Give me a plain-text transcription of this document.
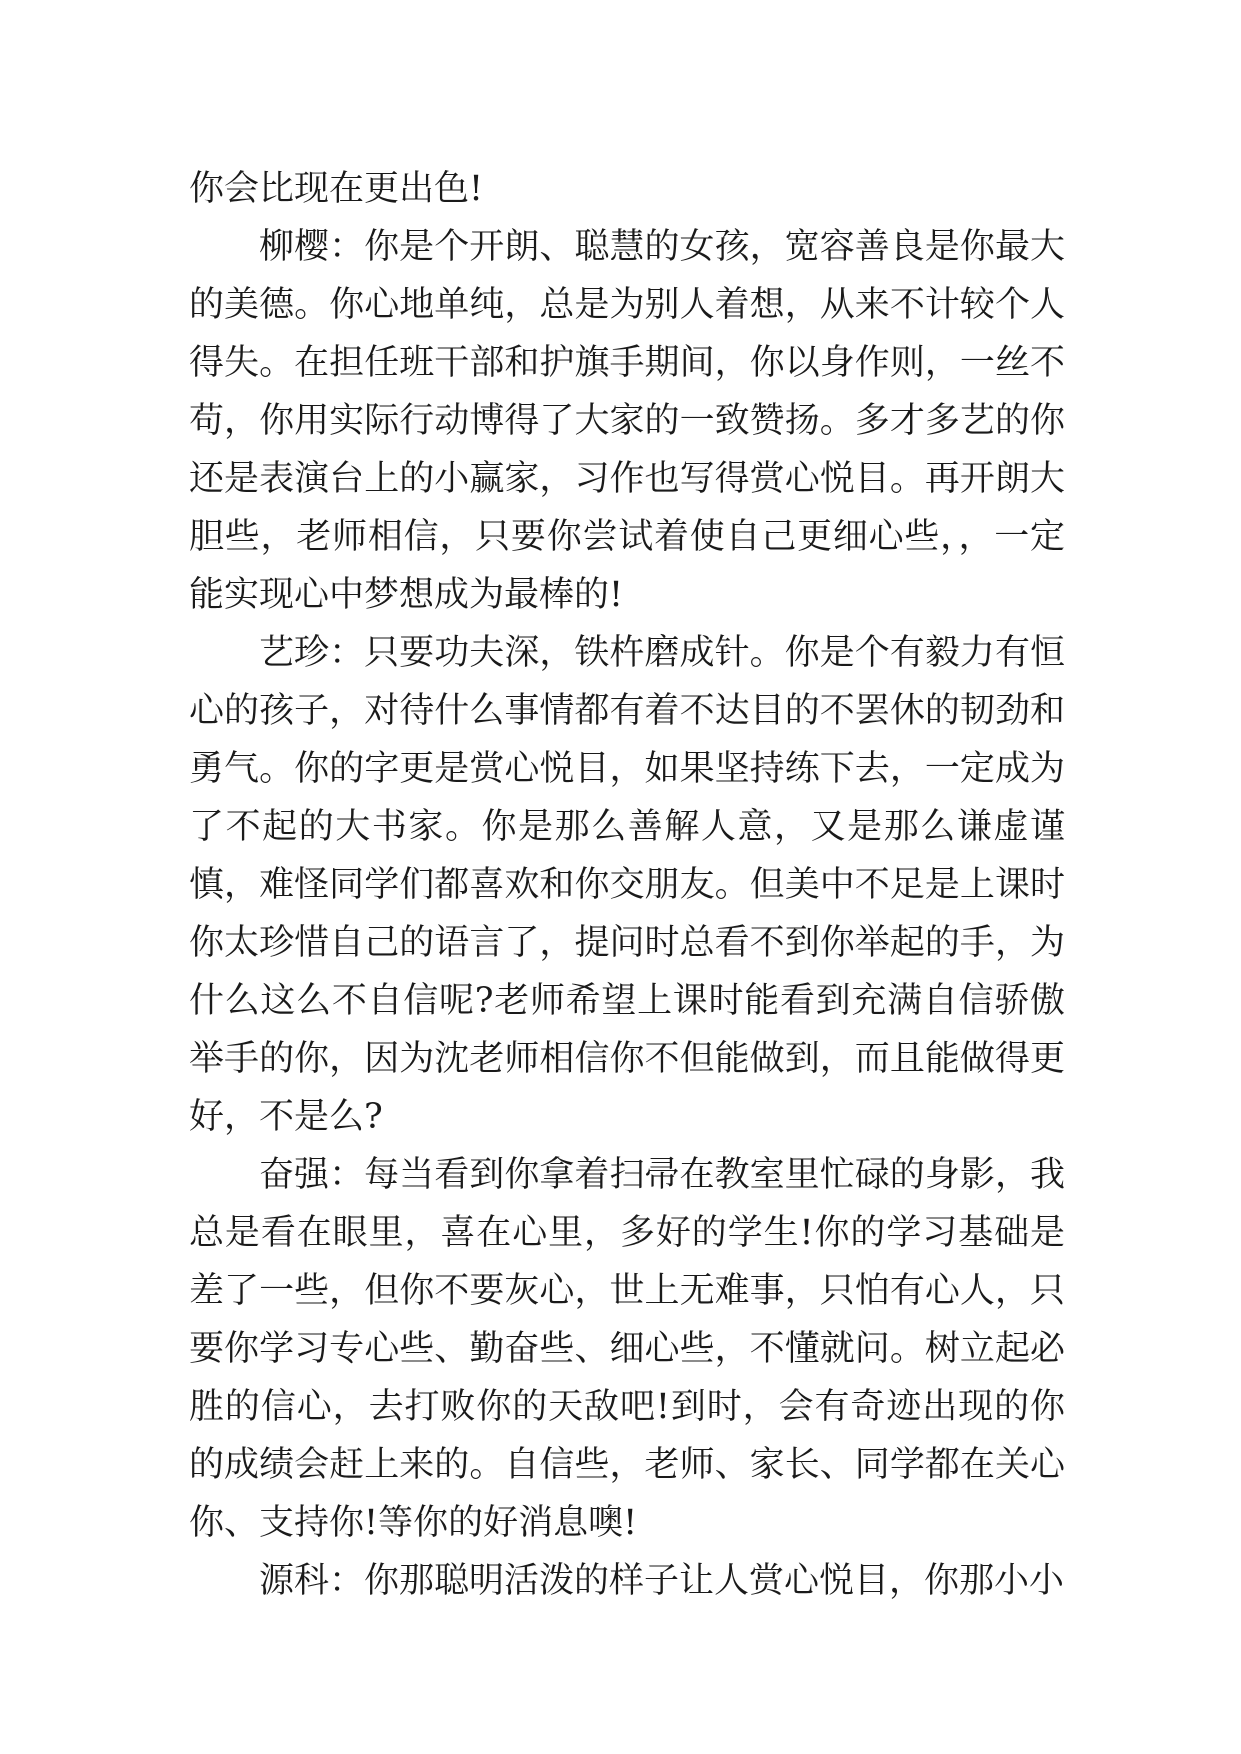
你会比现在更出色!

柳樱：你是个开朗、聪慧的女孩，宽容善良是你最大的美德。你心地单纯，总是为别人着想，从来不计较个人得失。在担任班干部和护旗手期间，你以身作则，一丝不苟，你用实际行动博得了大家的一致赞扬。多才多艺的你还是表演台上的小赢家，习作也写得赏心悦目。再开朗大胆些，老师相信，只要你尝试着使自己更细心些，，一定能实现心中梦想成为最棒的!

艺珍：只要功夫深，铁杵磨成针。你是个有毅力有恒心的孩子，对待什么事情都有着不达目的不罢休的韧劲和勇气。你的字更是赏心悦目，如果坚持练下去，一定成为了不起的大书家。你是那么善解人意，又是那么谦虚谨慎，难怪同学们都喜欢和你交朋友。但美中不足是上课时你太珍惜自己的语言了，提问时总看不到你举起的手，为什么这么不自信呢?老师希望上课时能看到充满自信骄傲举手的你，因为沈老师相信你不但能做到，而且能做得更好，不是么?

奋强：每当看到你拿着扫帚在教室里忙碌的身影，我总是看在眼里，喜在心里，多好的学生!你的学习基础是差了一些，但你不要灰心，世上无难事，只怕有心人，只要你学习专心些、勤奋些、细心些，不懂就问。树立起必胜的信心，去打败你的天敌吧!到时，会有奇迹出现的你的成绩会赶上来的。自信些，老师、家长、同学都在关心你、支持你!等你的好消息噢!

源科：你那聪明活泼的样子让人赏心悦目，你那小小
